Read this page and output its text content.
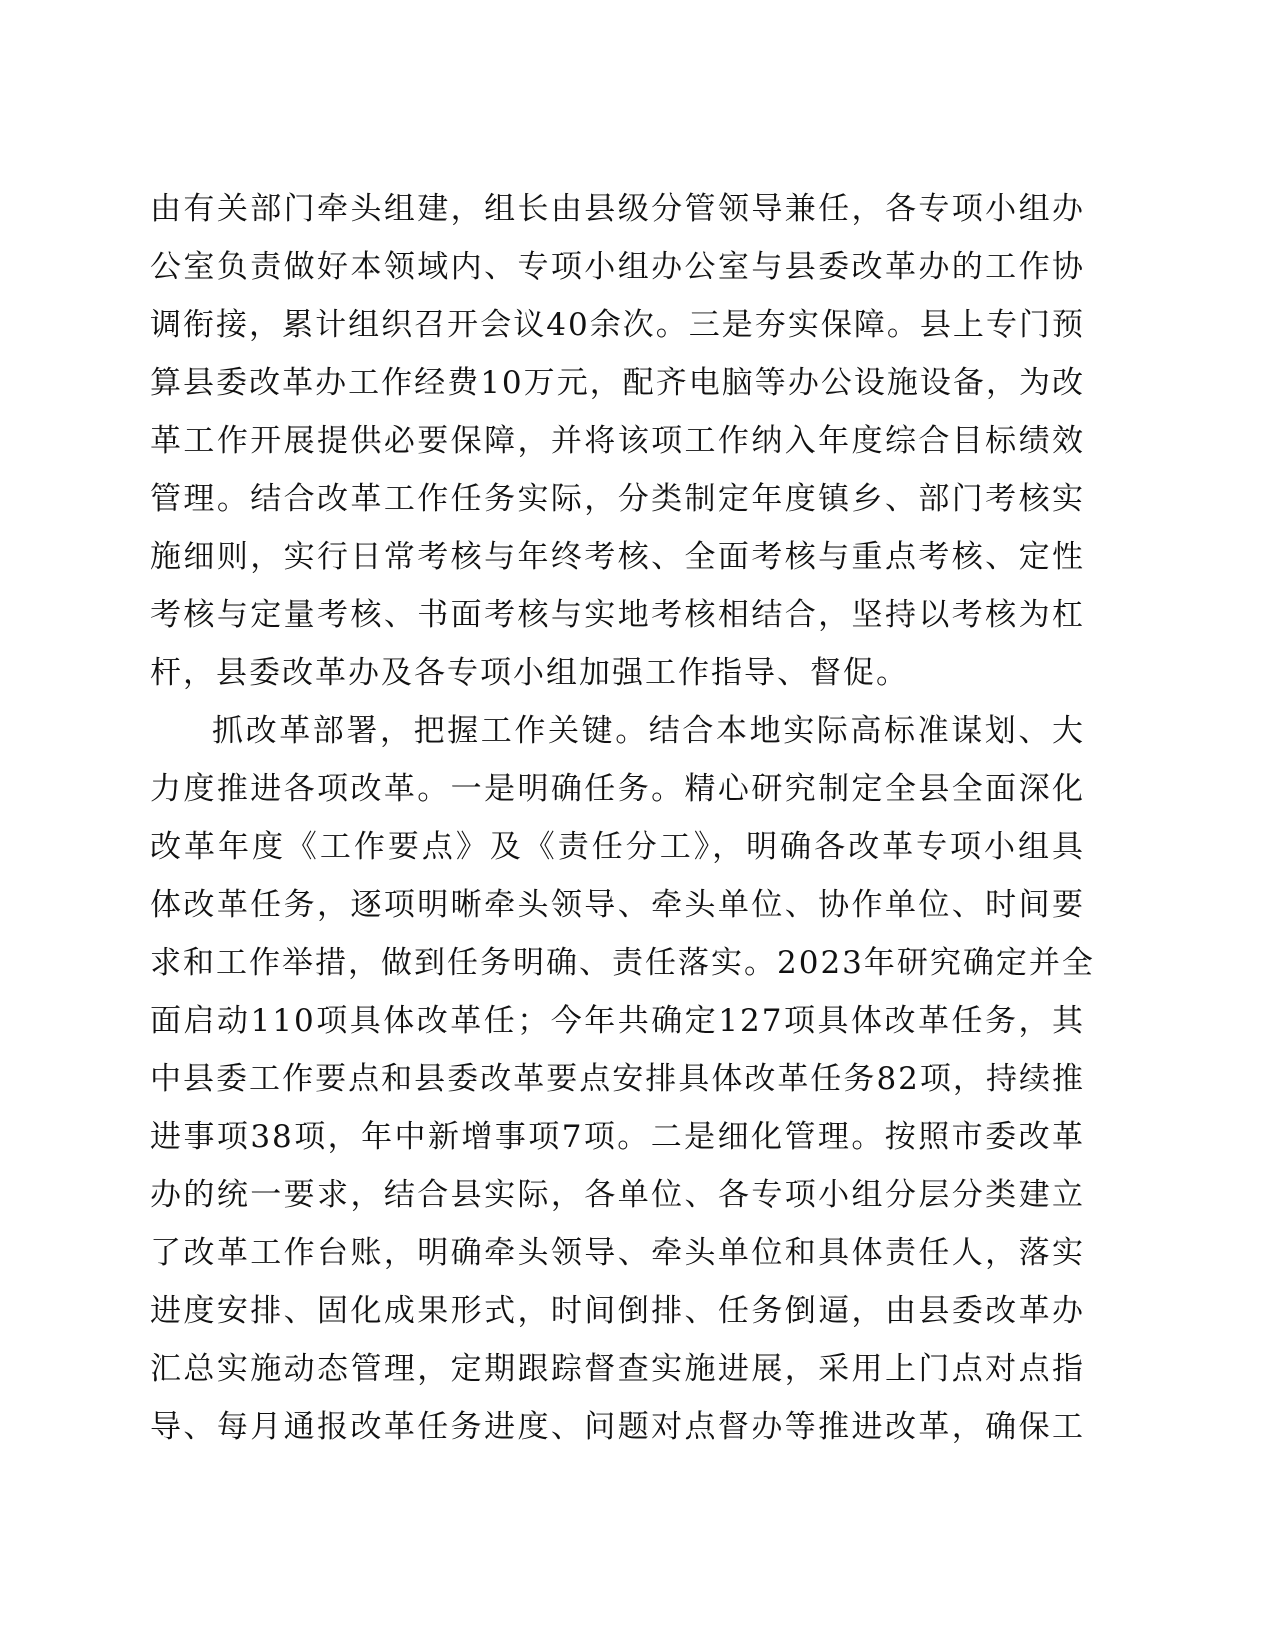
由有关部门牵头组建，组长由县级分管领导兼任，各专项小组办
公室负责做好本领域内、专项小组办公室与县委改革办的工作协
调衔接，累计组织召开会议40余次。三是夯实保障。县上专门预
算县委改革办工作经费10万元，配齐电脑等办公设施设备，为改
革工作开展提供必要保障，并将该项工作纳入年度综合目标绩效
管理。结合改革工作任务实际，分类制定年度镇乡、部门考核实
施细则，实行日常考核与年终考核、全面考核与重点考核、定性
考核与定量考核、书面考核与实地考核相结合，坚持以考核为杠
杆，县委改革办及各专项小组加强工作指导、督促。
抓改革部署，把握工作关键。结合本地实际高标准谋划、大
力度推进各项改革。一是明确任务。精心研究制定全县全面深化
改革年度《工作要点》及《责任分工》，明确各改革专项小组具
体改革任务，逐项明晰牵头领导、牵头单位、协作单位、时间要
求和工作举措，做到任务明确、责任落实。2023年研究确定并全
面启动110项具体改革任；今年共确定127项具体改革任务，其
中县委工作要点和县委改革要点安排具体改革任务82项，持续推
进事项38项，年中新增事项7项。二是细化管理。按照市委改革
办的统一要求，结合县实际，各单位、各专项小组分层分类建立
了改革工作台账，明确牵头领导、牵头单位和具体责任人，落实
进度安排、固化成果形式，时间倒排、任务倒逼，由县委改革办
汇总实施动态管理，定期跟踪督查实施进展，采用上门点对点指
导、每月通报改革任务进度、问题对点督办等推进改革，确保工
